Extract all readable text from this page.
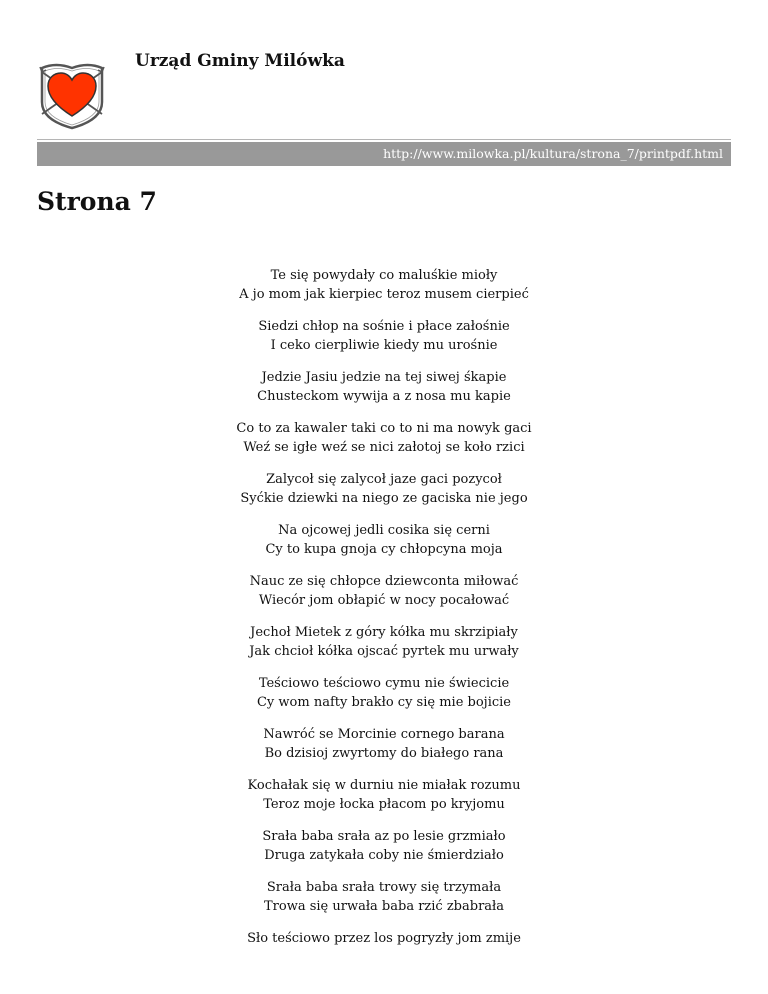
Urząd Gminy Milówka
http://www.milowka.pl/kultura/strona_7/printpdf.html
Strona 7
Te się powydały co maluśkie mioły
A jo mom jak kierpiec teroz musem cierpieć
Siedzi chłop na sośnie i płace załośnie
I ceko cierpliwie kiedy mu urośnie
Jedzie Jasiu jedzie na tej siwej śkapie
Chusteckom wywija a z nosa mu kapie
Co to za kawaler taki co to ni ma nowyk gaci
Weź se igłe weź se nici załotoj se koło rzici
Zalycoł się zalycoł jaze gaci pozycoł
Syćkie dziewki na niego ze gaciska nie jego
Na ojcowej jedli cosika się cerni
Cy to kupa gnoja cy chłopcyna moja
Nauc ze się chłopce dziewconta miłować
Wiecór jom obłapić w nocy pocałować
Jechoł Mietek z góry kółka mu skrzipiały
Jak chcioł kółka ojscać pyrtek mu urwały
Teściowo teściowo cymu nie świecicie
Cy wom nafty brakło cy się mie bojicie
Nawróć se Morcinie cornego barana
Bo dzisioj zwyrtomy do białego rana
Kochałak się w durniu nie miałak rozumu
Teroz moje łocka płacom po kryjomu
Srała baba srała az po lesie grzmiało
Druga zatykała coby nie śmierdziało
Srała baba srała trowy się trzymała
Trowa się urwała baba rzić zbabrała
Sło teściowo przez los pogryzły jom zmije
